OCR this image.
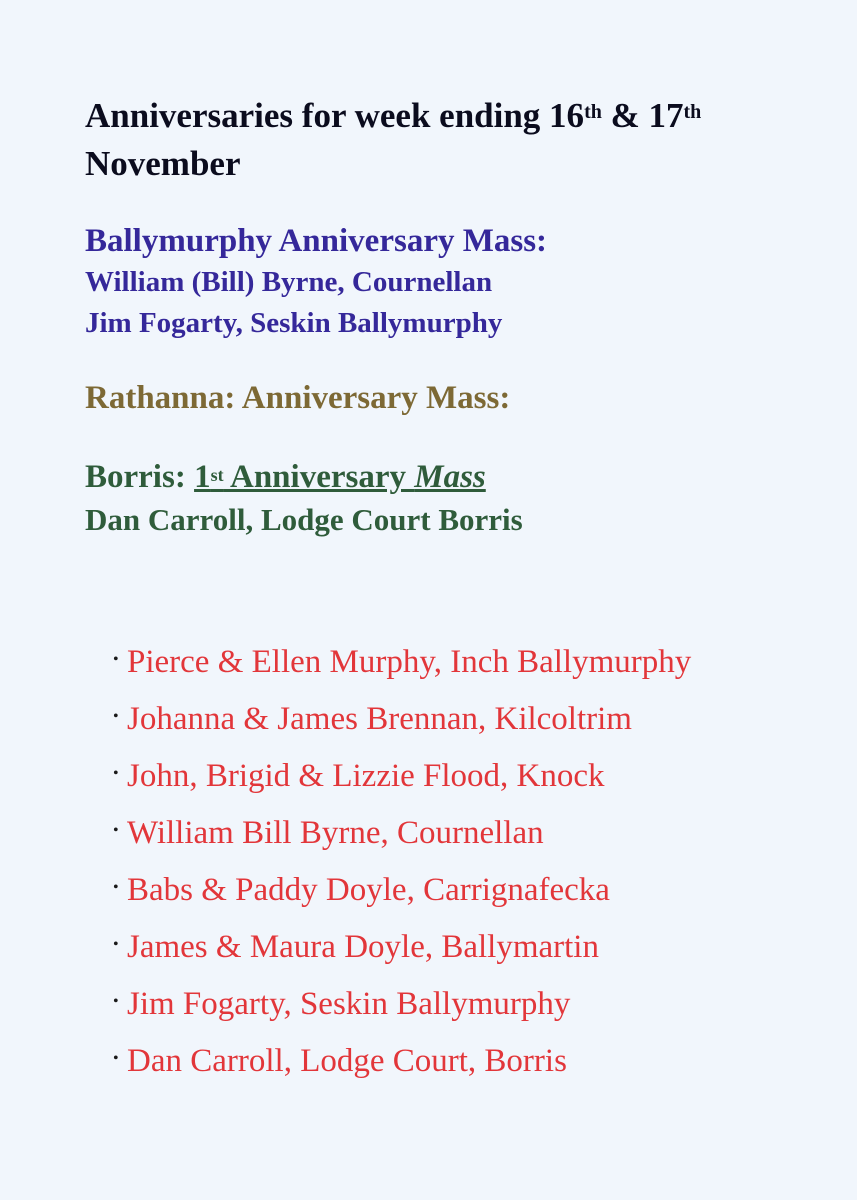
Anniversaries for week ending 16th & 17th
November
Ballymurphy Anniversary Mass:
William (Bill) Byrne, Cournellan
Jim Fogarty, Seskin Ballymurphy
Rathanna: Anniversary Mass:
Borris: 1st Anniversary Mass
Dan Carroll, Lodge Court Borris
• Pierce & Ellen Murphy, Inch Ballymurphy
• Johanna & James Brennan, Kilcoltrim
• John, Brigid & Lizzie Flood, Knock
• William Bill Byrne, Cournellan
• Babs & Paddy Doyle, Carrignafecka
• James & Maura Doyle, Ballymartin
• Jim Fogarty, Seskin Ballymurphy
• Dan Carroll, Lodge Court, Borris
